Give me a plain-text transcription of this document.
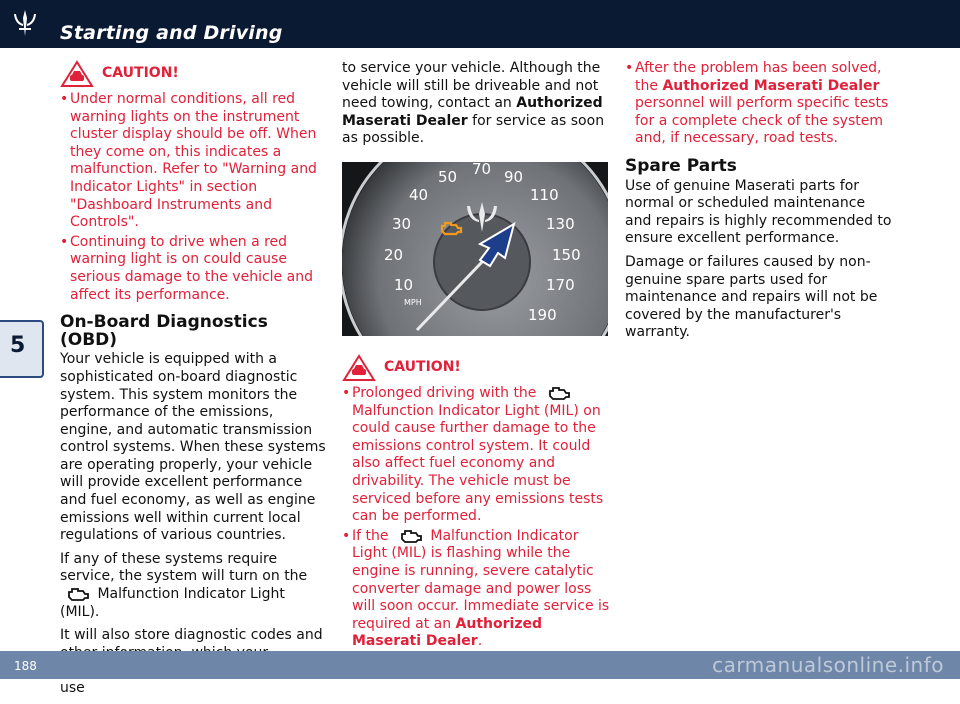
Starting and Driving
5
CAUTION!
• Under normal conditions, all red warning lights on the instrument cluster display should be off. When they come on, this indicates a malfunction. Refer to "Warning and Indicator Lights" in section "Dashboard Instruments and Controls".
• Continuing to drive when a red warning light is on could cause serious damage to the vehicle and affect its performance.
On-Board Diagnostics (OBD)

Your vehicle is equipped with a sophisticated on-board diagnostic system. This system monitors the performance of the emissions, engine, and automatic transmission control systems. When these systems are operating properly, your vehicle will provide excellent performance and fuel economy, as well as engine emissions well within current local regulations of various countries.

If any of these systems require service, the system will turn on the  Malfunction Indicator Light (MIL).

It will also store diagnostic codes and use

to service your vehicle. Although the vehicle will still be driveable and not need towing, contact an Authorized Maserati Dealer for service as soon as possible.

10
20
30
40
50 70 90
110
130
150
170
190
MPH
CAUTION!
• Prolonged driving with the  Malfunction Indicator Light (MIL) on could cause further damage to the emissions control system. It could also affect fuel economy and drivability. The vehicle must be serviced before any emissions tests can be performed.
• If the	Malfunction Indicator Light (MIL) is flashing while the engine is running, severe catalytic converter damage and power loss will soon occur. Immediate service is required at an Authorized Maserati Dealer.
• After the problem has been solved, the Authorized Maserati Dealer personnel will perform specific tests for a complete check of the system and, if necessary, road tests.
Spare Parts

Use of genuine Maserati parts for normal or scheduled maintenance and repairs is highly recommended to ensure excellent performance.

Damage or failures caused by non-genuine spare parts used for maintenance and repairs will not be covered by the manufacturer's warranty.

188	carmanualsonline.info
